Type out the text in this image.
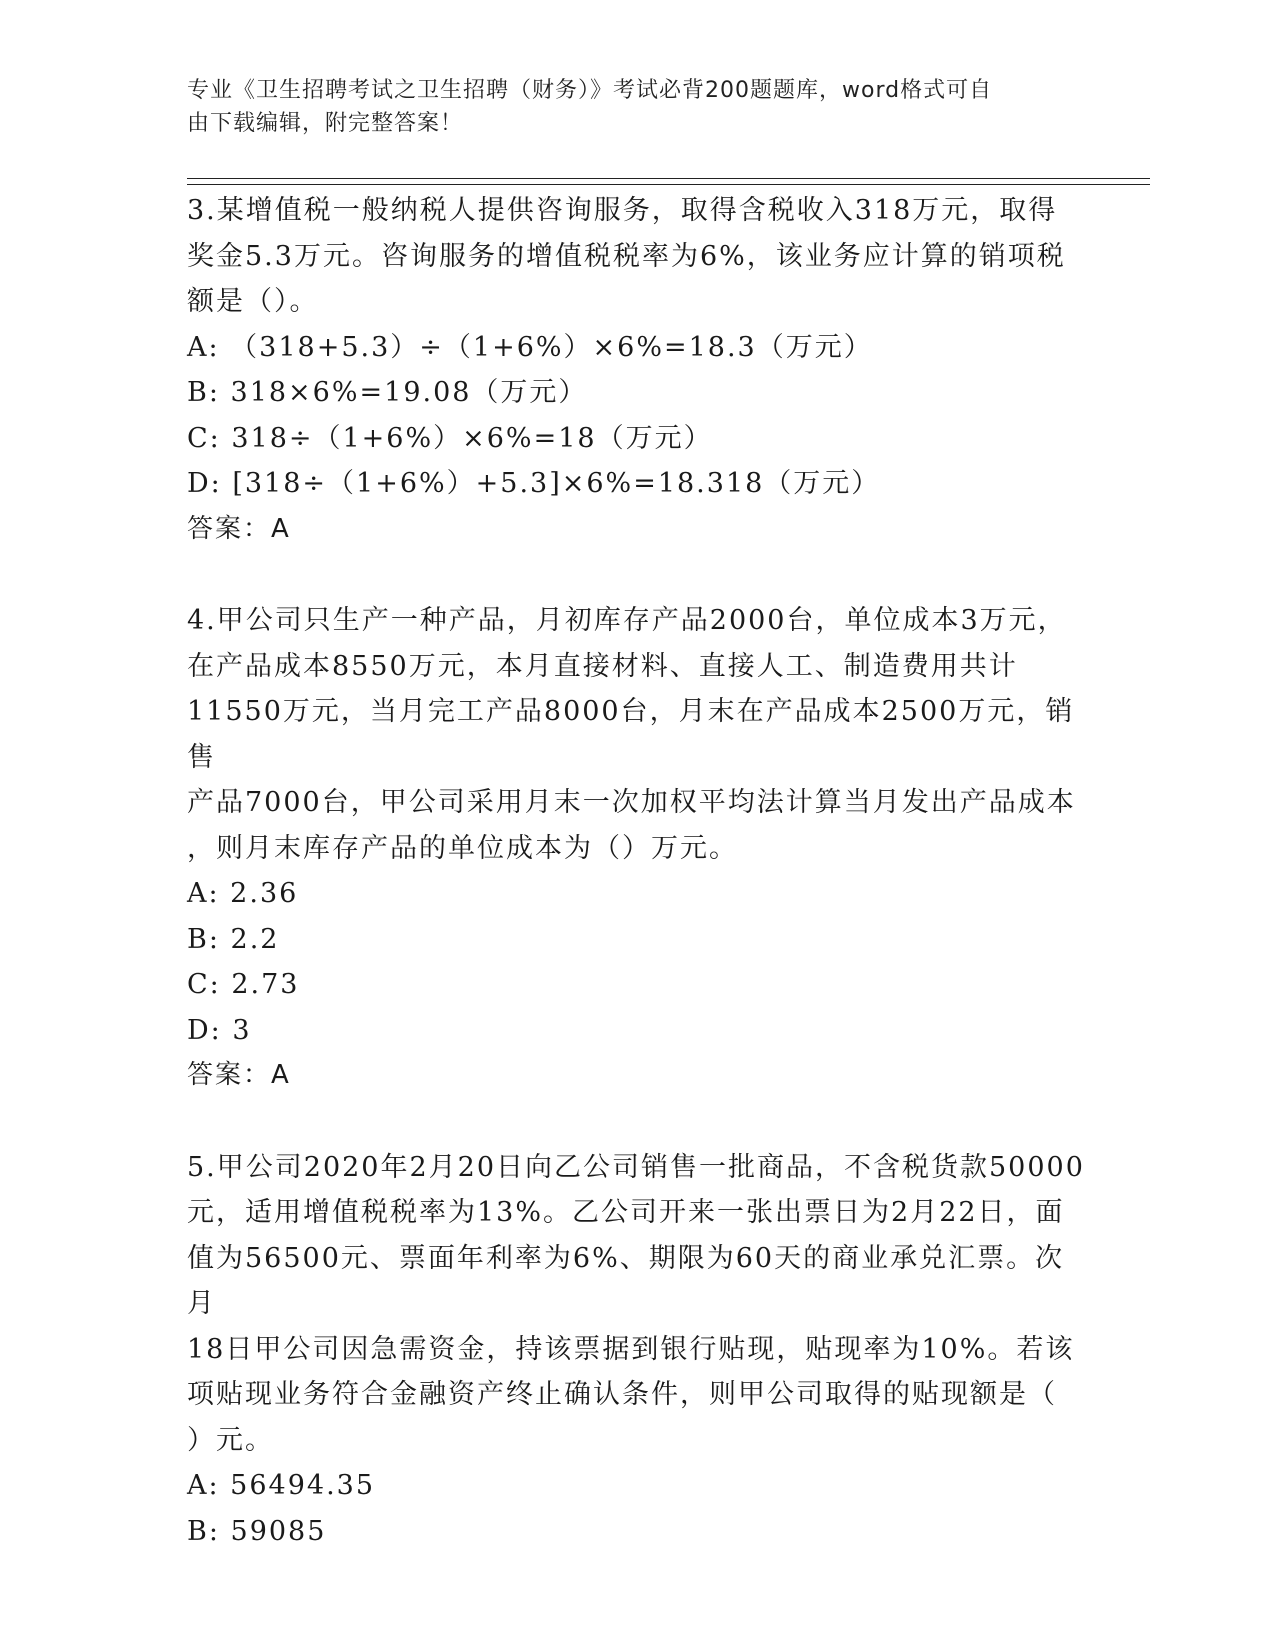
专业《卫生招聘考试之卫生招聘（财务）》考试必背200题题库，word格式可自
由下载编辑，附完整答案！
3.某增值税一般纳税人提供咨询服务，取得含税收入318万元，取得
奖金5.3万元。咨询服务的增值税税率为6%，该业务应计算的销项税
额是（）。
A: （318+5.3）÷（1+6%）×6%=18.3（万元）
B: 318×6%=19.08（万元）
C: 318÷（1+6%）×6%=18（万元）
D: [318÷（1+6%）+5.3]×6%=18.318（万元）
答案：A
4.甲公司只生产一种产品，月初库存产品2000台，单位成本3万元，
在产品成本8550万元，本月直接材料、直接人工、制造费用共计
11550万元，当月完工产品8000台，月末在产品成本2500万元，销售
产品7000台，甲公司采用月末一次加权平均法计算当月发出产品成本
，则月末库存产品的单位成本为（）万元。
A: 2.36
B: 2.2
C: 2.73
D: 3
答案：A
5.甲公司2020年2月20日向乙公司销售一批商品，不含税货款50000
元，适用增值税税率为13%。乙公司开来一张出票日为2月22日，面
值为56500元、票面年利率为6%、期限为60天的商业承兑汇票。次月
18日甲公司因急需资金，持该票据到银行贴现，贴现率为10%。若该
项贴现业务符合金融资产终止确认条件，则甲公司取得的贴现额是（
）元。
A: 56494.35
B: 59085
